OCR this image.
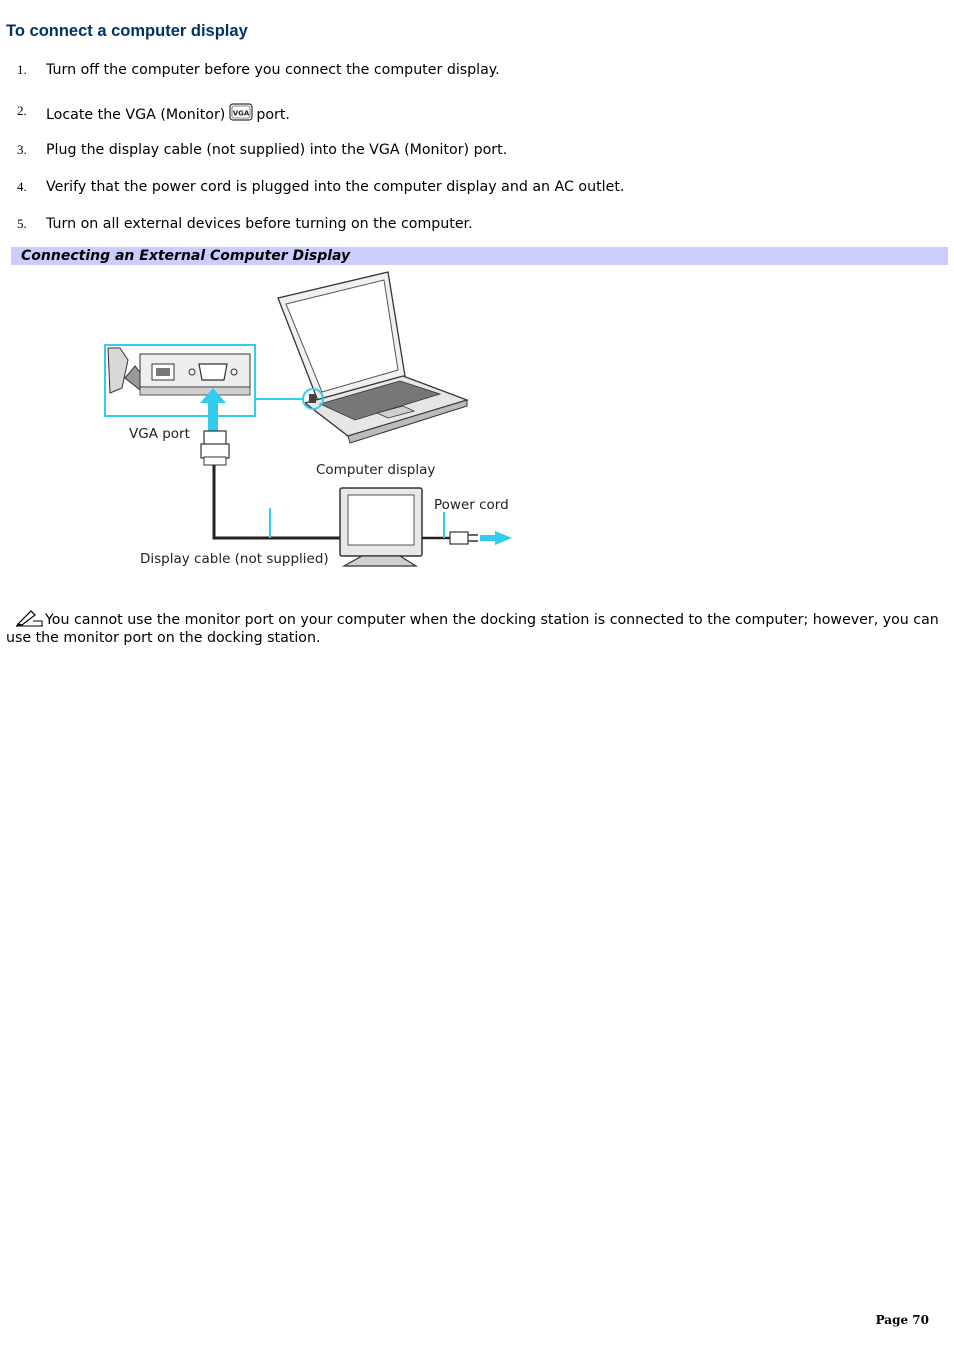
To connect a computer display
1. Turn off the computer before you connect the computer display.
2. Locate the VGA (Monitor) VGA port.
3. Plug the display cable (not supplied) into the VGA (Monitor) port.
4. Verify that the power cord is plugged into the computer display and an AC outlet.
5. Turn on all external devices before turning on the computer.
Connecting an External Computer Display
VGA port
Computer display
Power cord
Display cable (not supplied)
You cannot use the monitor port on your computer when the docking station is connected to the computer; however, you can use the monitor port on the docking station.
Page 70
